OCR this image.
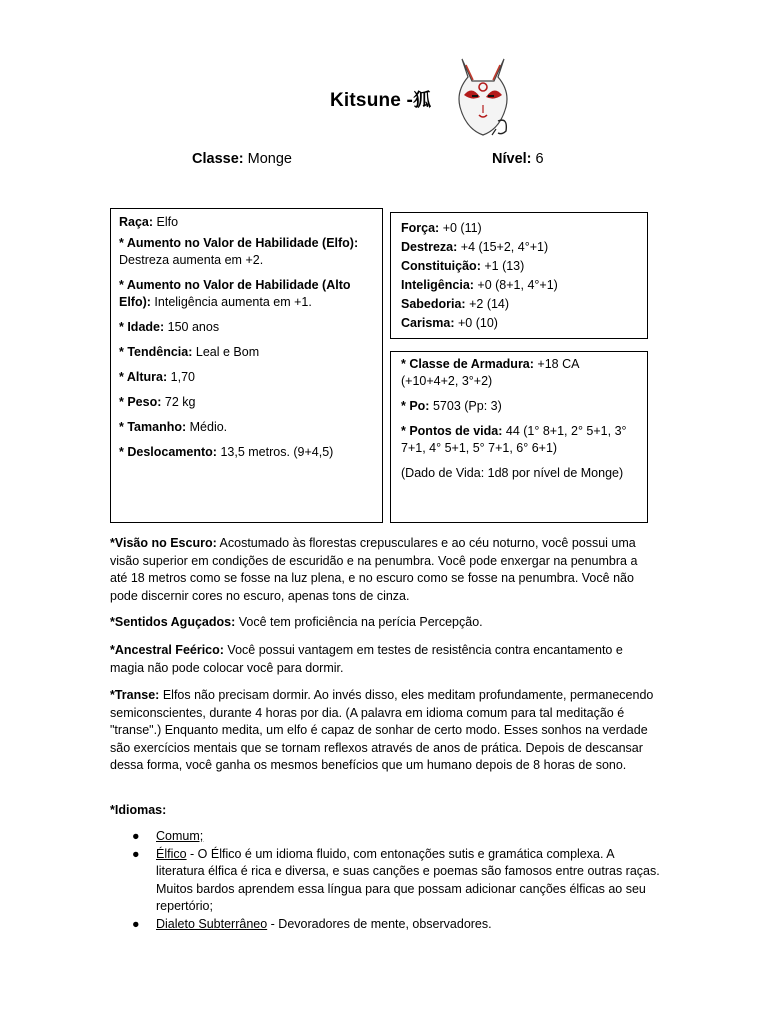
Kitsune -狐
Classe: Monge	Nível: 6

Raça: Elfo

* Aumento no Valor de Habilidade (Elfo):
Destreza aumenta em +2.

* Aumento no Valor de Habilidade (Alto Elfo): Inteligência aumenta em +1.

* Idade: 150 anos

* Tendência: Leal e Bom

* Altura: 1,70

* Peso: 72 kg

* Tamanho: Médio.

* Deslocamento: 13,5 metros. (9+4,5)

Força: +0 (11)

Destreza: +4 (15+2, 4°+1)

Constituição: +1 (13)

Inteligência: +0 (8+1, 4°+1)

Sabedoria: +2 (14)

Carisma: +0 (10)

* Classe de Armadura: +18 CA (+10+4+2, 3°+2)

* Po: 5703 (Pp: 3)

* Pontos de vida: 44 (1° 8+1, 2° 5+1, 3° 7+1, 4° 5+1, 5° 7+1, 6° 6+1)

(Dado de Vida: 1d8 por nível de Monge)

*Visão no Escuro: Acostumado às florestas crepusculares e ao céu noturno, você possui uma visão superior em condições de escuridão e na penumbra. Você pode enxergar na penumbra a até 18 metros como se fosse na luz plena, e no escuro como se fosse na penumbra. Você não pode discernir cores no escuro, apenas tons de cinza.

*Sentidos Aguçados: Você tem proficiência na perícia Percepção.

*Ancestral Feérico: Você possui vantagem em testes de resistência contra encantamento e magia não pode colocar você para dormir.

*Transe: Elfos não precisam dormir. Ao invés disso, eles meditam profundamente, permanecendo semiconscientes, durante 4 horas por dia. (A palavra em idioma comum para tal meditação é "transe".) Enquanto medita, um elfo é capaz de sonhar de certo modo. Esses sonhos na verdade são exercícios mentais que se tornam reflexos através de anos de prática. Depois de descansar dessa forma, você ganha os mesmos benefícios que um humano depois de 8 horas de sono.

*Idiomas:

● Comum;
● Élfico - O Élfico é um idioma fluido, com entonações sutis e gramática complexa. A literatura élfica é rica e diversa, e suas canções e poemas são famosos entre outras raças. Muitos bardos aprendem essa língua para que possam adicionar canções élficas ao seu repertório;
● Dialeto Subterrâneo - Devoradores de mente, observadores.
